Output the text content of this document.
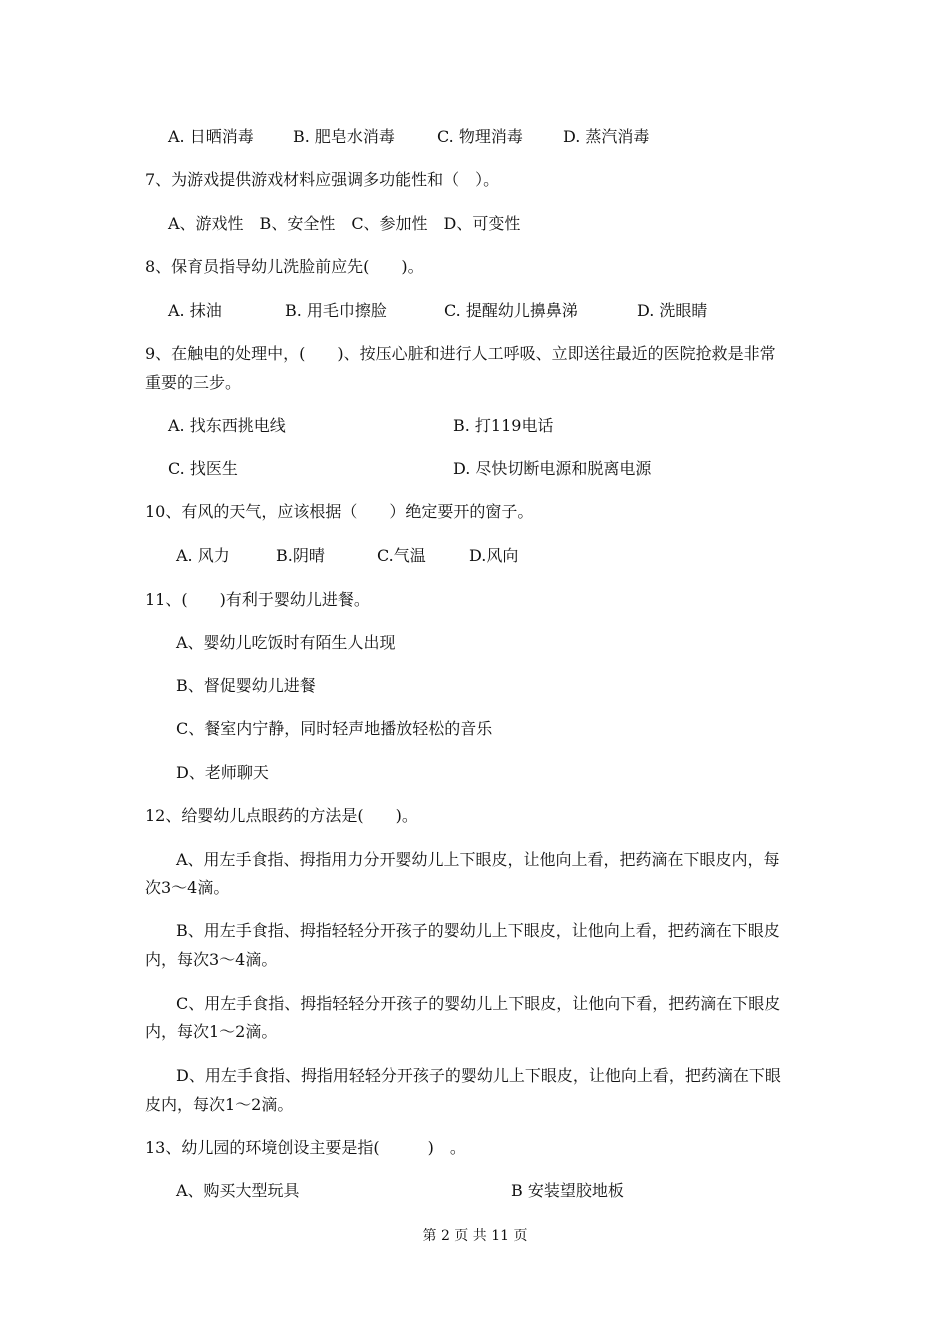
A. 日晒消毒 B. 肥皂水消毒	C. 物理消毒	D. 蒸汽消毒

7、为游戏提供游戏材料应强调多功能性和（　）。

A、游戏性　B、安全性　C、参加性　D、可变性

8、保育员指导幼儿洗脸前应先(　　)。

A. 抹油	B. 用毛巾擦脸	C. 提醒幼儿擤鼻涕	D. 洗眼睛

9、在触电的处理中，(　　)、按压心脏和进行人工呼吸、立即送往最近的医院抢救是非常

重要的三步。

A. 找东西挑电线	B. 打119电话
C. 找医生	D. 尽快切断电源和脱离电源

10、有风的天气，应该根据（　　）绝定要开的窗子。

A. 风力	B.阴晴	C.气温	D.风向

11、(　　)有利于婴幼儿进餐。

A、婴幼儿吃饭时有陌生人出现

B、督促婴幼儿进餐

C、餐室内宁静，同时轻声地播放轻松的音乐

D、老师聊天

12、给婴幼儿点眼药的方法是(　　)。

A、用左手食指、拇指用力分开婴幼儿上下眼皮，让他向上看，把药滴在下眼皮内，每

次3～4滴。

B、用左手食指、拇指轻轻分开孩子的婴幼儿上下眼皮，让他向上看，把药滴在下眼皮

内，每次3～4滴。

C、用左手食指、拇指轻轻分开孩子的婴幼儿上下眼皮，让他向下看，把药滴在下眼皮

内，每次1～2滴。

D、用左手食指、拇指用轻轻分开孩子的婴幼儿上下眼皮，让他向上看，把药滴在下眼

皮内，每次1～2滴。

13、幼儿园的环境创设主要是指(　　　)　。

A、购买大型玩具	B 安装望胶地板
第 2 页 共 11 页
